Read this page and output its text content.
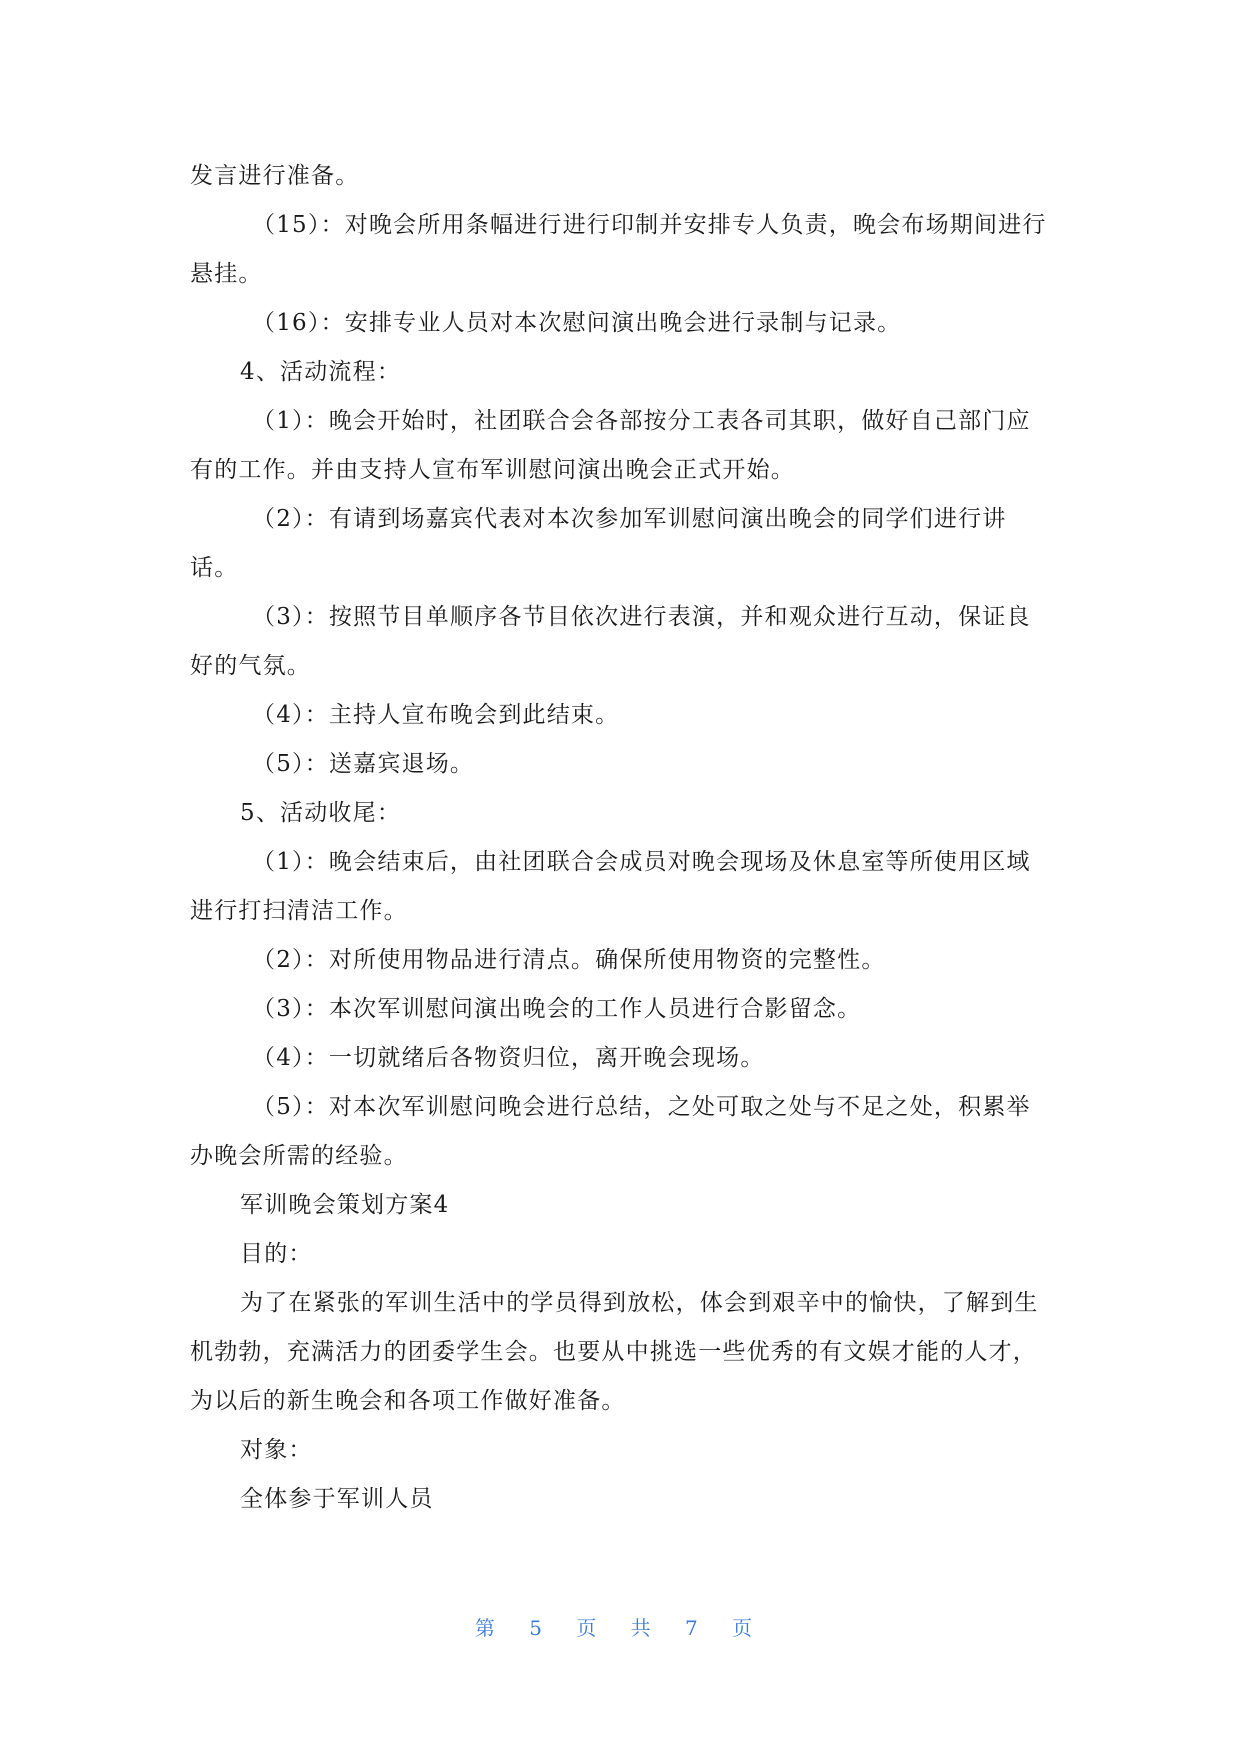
发言进行准备。

（15）：对晚会所用条幅进行进行印制并安排专人负责，晚会布场期间进行悬挂。

（16）：安排专业人员对本次慰问演出晚会进行录制与记录。

4、活动流程：

（1）：晚会开始时，社团联合会各部按分工表各司其职，做好自己部门应有的工作。并由支持人宣布军训慰问演出晚会正式开始。

（2）：有请到场嘉宾代表对本次参加军训慰问演出晚会的同学们进行讲话。

（3）：按照节目单顺序各节目依次进行表演，并和观众进行互动，保证良好的气氛。

（4）：主持人宣布晚会到此结束。

（5）：送嘉宾退场。

5、活动收尾：

（1）：晚会结束后，由社团联合会成员对晚会现场及休息室等所使用区域进行打扫清洁工作。

（2）：对所使用物品进行清点。确保所使用物资的完整性。

（3）：本次军训慰问演出晚会的工作人员进行合影留念。

（4）：一切就绪后各物资归位，离开晚会现场。

（5）：对本次军训慰问晚会进行总结，之处可取之处与不足之处，积累举办晚会所需的经验。

军训晚会策划方案4

目的：

为了在紧张的军训生活中的学员得到放松，体会到艰辛中的愉快，了解到生机勃勃，充满活力的团委学生会。也要从中挑选一些优秀的有文娱才能的人才，为以后的新生晚会和各项工作做好准备。

对象：

全体参于军训人员

第 5 页 共 7 页
